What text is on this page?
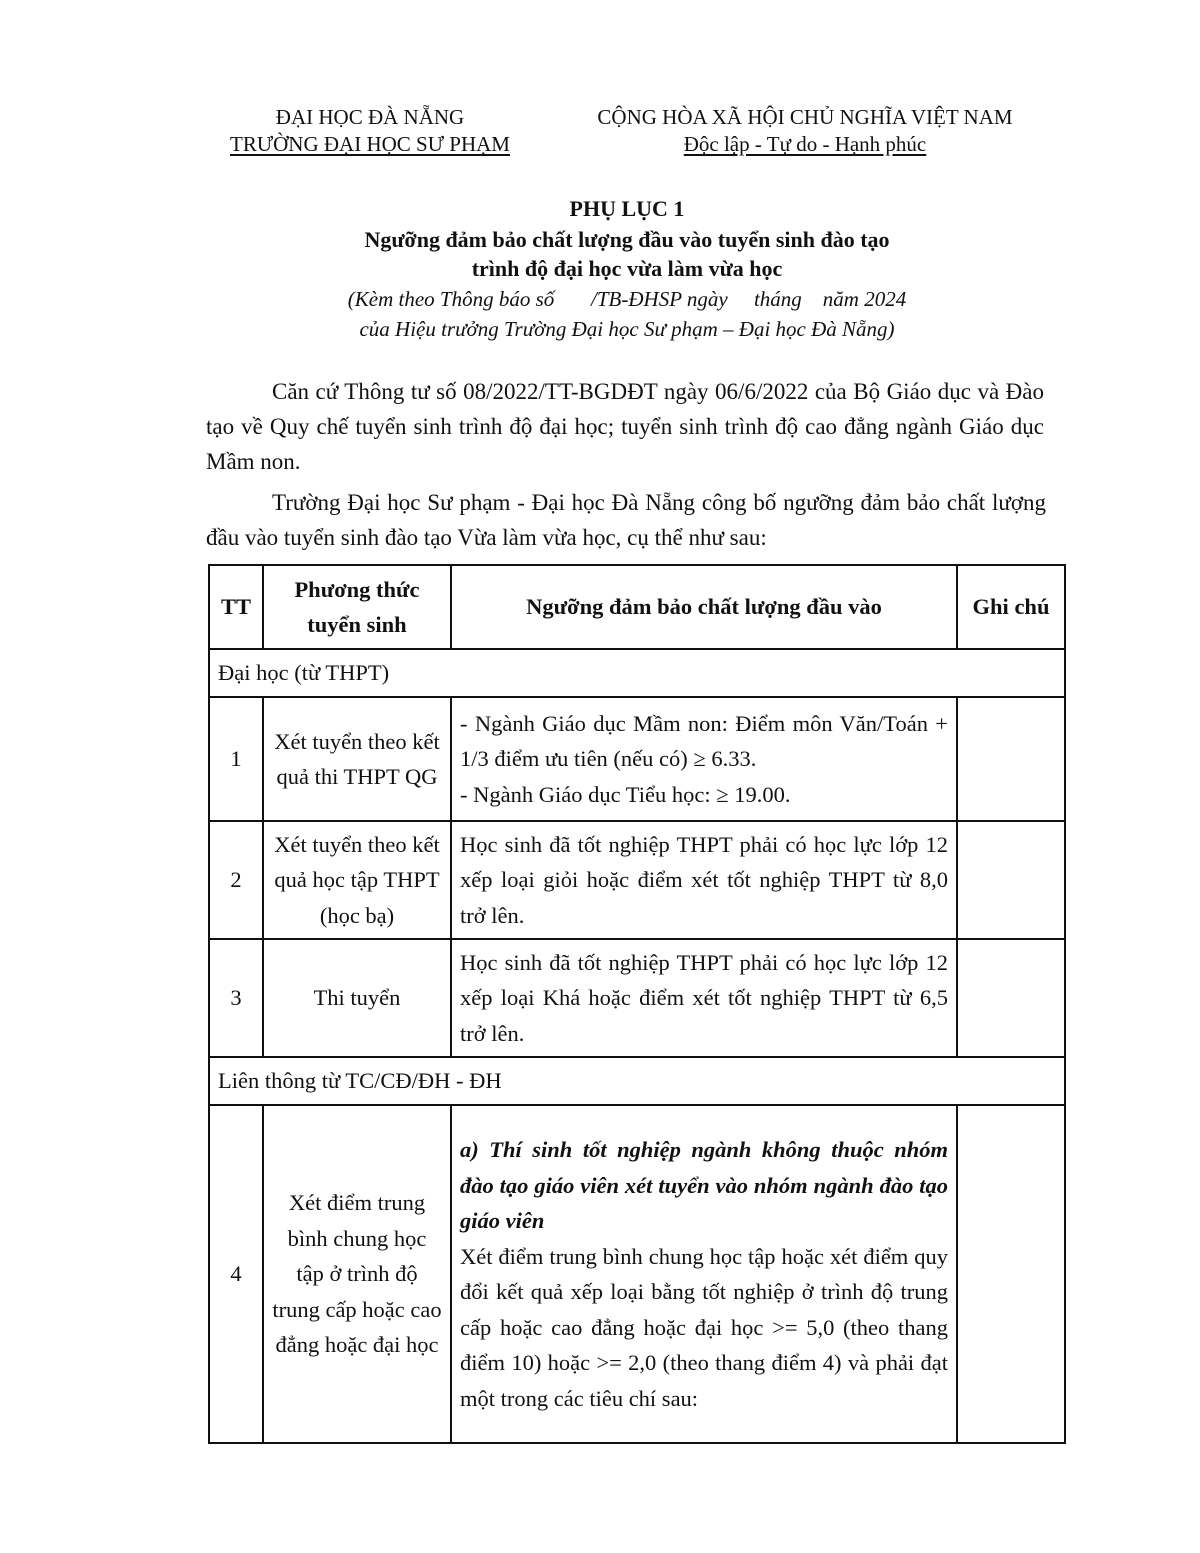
ĐẠI HỌC ĐÀ NẴNG
TRƯỜNG ĐẠI HỌC SƯ PHẠM
CỘNG HÒA XÃ HỘI CHỦ NGHĨA VIỆT NAM
Độc lập - Tự do - Hạnh phúc
PHỤ LỤC 1
Ngưỡng đảm bảo chất lượng đầu vào tuyển sinh đào tạo
trình độ đại học vừa làm vừa học
(Kèm theo Thông báo số       /TB-ĐHSP ngày     tháng    năm 2024
của Hiệu trưởng Trường Đại học Sư phạm – Đại học Đà Nẵng)
Căn cứ Thông tư số 08/2022/TT-BGDĐT ngày 06/6/2022 của Bộ Giáo dục và Đào tạo về Quy chế tuyển sinh trình độ đại học; tuyển sinh trình độ cao đẳng ngành Giáo dục Mầm non.
Trường Đại học Sư phạm - Đại học Đà Nẵng công bố ngưỡng đảm bảo chất lượng đầu vào tuyển sinh đào tạo Vừa làm vừa học, cụ thể như sau:
TT	Phương thức tuyển sinh	Ngưỡng đảm bảo chất lượng đầu vào	Ghi chú
Đại học (từ THPT)			
1	Xét tuyển theo kết quả thi THPT QG	- Ngành Giáo dục Mầm non: Điểm môn Văn/Toán + 1/3 điểm ưu tiên (nếu có) ≥ 6.33.

- Ngành Giáo dục Tiểu học: ≥ 19.00.	

2	Xét tuyển theo kết quả học tập THPT (học bạ)	Học sinh đã tốt nghiệp THPT phải có học lực lớp 12 xếp loại giỏi hoặc điểm xét tốt nghiệp THPT từ 8,0 trở lên.	
3	Thi tuyển	Học sinh đã tốt nghiệp THPT phải có học lực lớp 12 xếp loại Khá hoặc điểm xét tốt nghiệp THPT từ 6,5 trở lên.	
Liên thông từ TC/CĐ/ĐH - ĐH			
4	Xét điểm trung bình chung học tập ở trình độ trung cấp hoặc cao đẳng hoặc đại học	a) Thí sinh tốt nghiệp ngành không thuộc nhóm đào tạo giáo viên xét tuyển vào nhóm ngành đào tạo giáo viên

Xét điểm trung bình chung học tập hoặc xét điểm quy đổi kết quả xếp loại bằng tốt nghiệp ở trình độ trung cấp hoặc cao đẳng hoặc đại học >= 5,0 (theo thang điểm 10) hoặc >= 2,0 (theo thang điểm 4) và phải đạt một trong các tiêu chí sau:	
